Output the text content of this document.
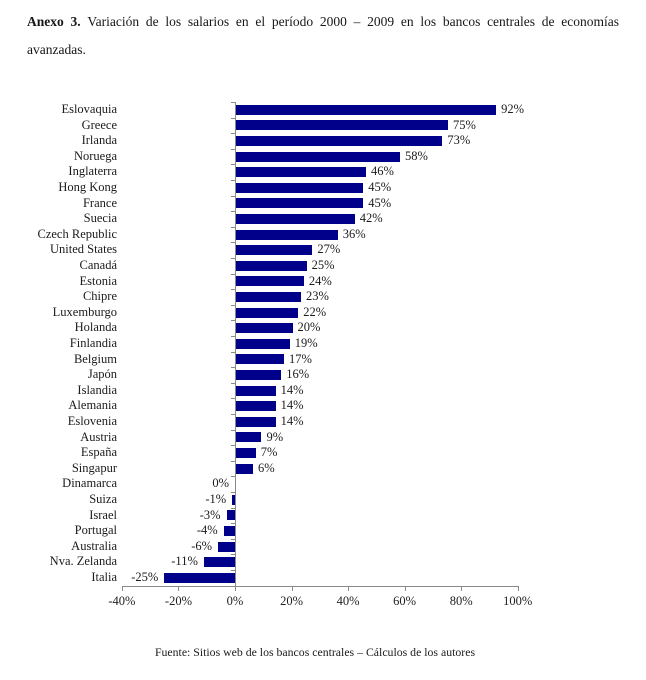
Anexo 3. Variación de los salarios en el período 2000 – 2009 en los bancos centrales de economías avanzadas.
Eslovaquia	92%
Greece	75%
Irlanda	73%
Noruega	58%
Inglaterra	46%
Hong Kong	45%
France	45%
Suecia	42%
Czech Republic	36%
United States	27%
Canadá	25%
Estonia	24%
Chipre	23%
Luxemburgo	22%
Holanda	20%
Finlandia	19%
Belgium	17%
Japón	16%
Islandia	14%
Alemania	14%
Eslovenia	14%
Austria	9%
España	7%
Singapur	6%
Dinamarca	0%
Suiza	-1%
Israel	-3%
Portugal	-4%
Australia	-6%
Nva. Zelanda	-11%
Italia	-25%
-40%	-20%	0%	20%	40%	60%	80%	100%
Fuente: Sitios web de los bancos centrales – Cálculos de los autores
